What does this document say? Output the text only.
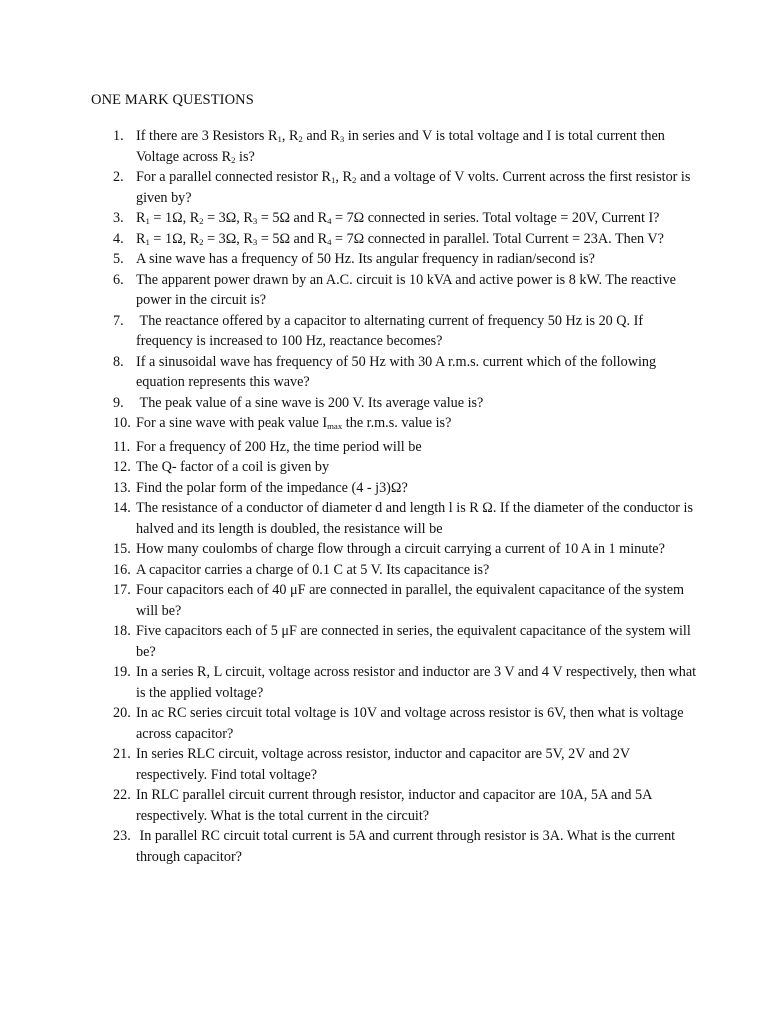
ONE MARK QUESTIONS
1. If there are 3 Resistors $R_1$, $R_2$ and $R_3$ in series and V is total voltage and I is total current then Voltage across $R_2$ is?
2. For a parallel connected resistor $R_1$, $R_2$ and a voltage of V volts. Current across the first resistor is given by?
3. $R_1 = 1\Omega$, $R_2 = 3\Omega$, $R_3 = 5\Omega$ and $R_4 = 7\Omega$ connected in series. Total voltage = 20V, Current I?
4. $R_1 = 1\Omega$, $R_2 = 3\Omega$, $R_3 = 5\Omega$ and $R_4 = 7\Omega$ connected in parallel. Total Current = 23A. Then V?
5. A sine wave has a frequency of 50 Hz. Its angular frequency in radian/second is?
6. The apparent power drawn by an A.C. circuit is 10 kVA and active power is 8 kW. The reactive power in the circuit is?
7. The reactance offered by a capacitor to alternating current of frequency 50 Hz is 20 Q. If frequency is increased to 100 Hz, reactance becomes?
8. If a sinusoidal wave has frequency of 50 Hz with 30 A r.m.s. current which of the following equation represents this wave?
9. The peak value of a sine wave is 200 V. Its average value is?
10. For a sine wave with peak value Imax the r.m.s. value is?
11. For a frequency of 200 Hz, the time period will be
12. The Q- factor of a coil is given by
13. Find the polar form of the impedance (4 - j3)Ω?
14. The resistance of a conductor of diameter d and length l is R Ω. If the diameter of the conductor is halved and its length is doubled, the resistance will be
15. How many coulombs of charge flow through a circuit carrying a current of 10 A in 1 minute?
16. A capacitor carries a charge of 0.1 C at 5 V. Its capacitance is?
17. Four capacitors each of 40 μF are connected in parallel, the equivalent capacitance of the system will be?
18. Five capacitors each of 5 μF are connected in series, the equivalent capacitance of the system will be?
19. In a series R, L circuit, voltage across resistor and inductor are 3 V and 4 V respectively, then what is the applied voltage?
20. In ac RC series circuit total voltage is 10V and voltage across resistor is 6V, then what is voltage across capacitor?
21. In series RLC circuit, voltage across resistor, inductor and capacitor are 5V, 2V and 2V respectively. Find total voltage?
22. In RLC parallel circuit current through resistor, inductor and capacitor are 10A, 5A and 5A respectively. What is the total current in the circuit?
23. In parallel RC circuit total current is 5A and current through resistor is 3A. What is the current through capacitor?
